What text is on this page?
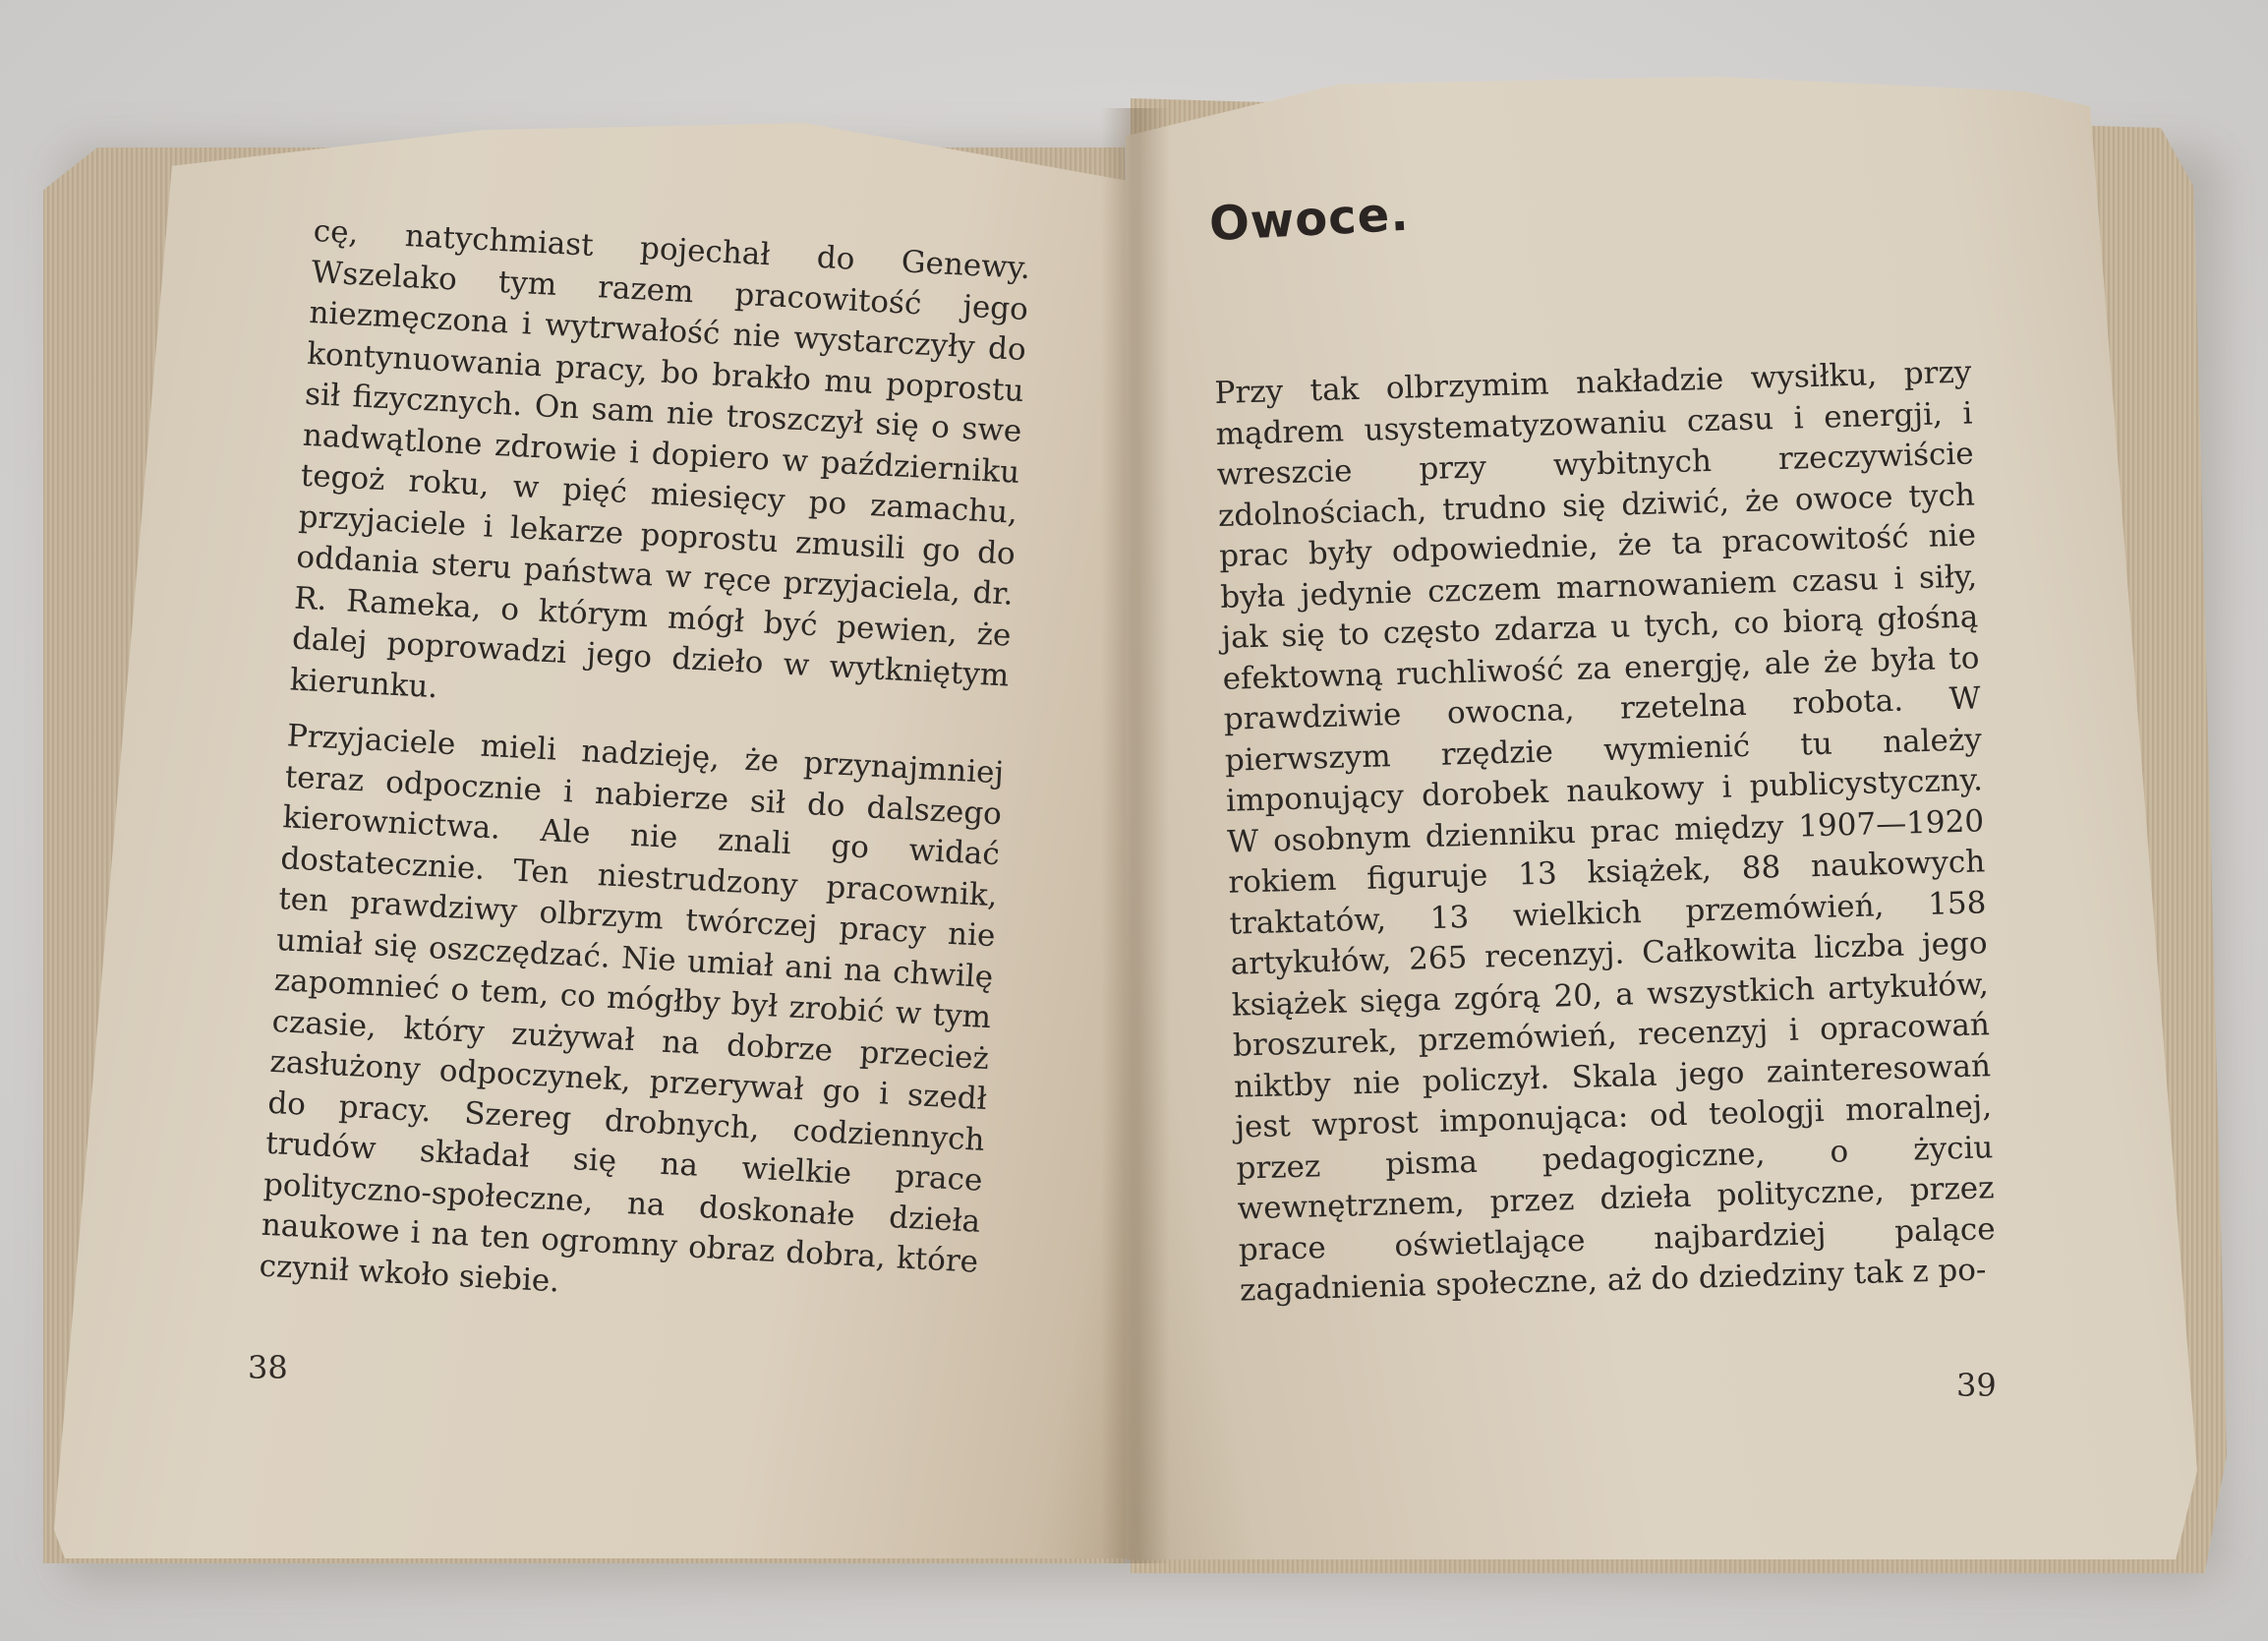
cę, natychmiast pojechał do Genewy. Wszelako tym razem pracowitość jego niezmęczona i wytrwałość nie wystarczyły do kontynuowania pracy, bo brakło mu poprostu sił fizycznych. On sam nie troszczył się o swe nadwątlone zdrowie i dopiero w październiku tegoż roku, w pięć miesięcy po zamachu, przyjaciele i lekarze poprostu zmusili go do oddania steru państwa w ręce przyjaciela, dr. R. Rameka, o którym mógł być pewien, że dalej poprowadzi jego dzieło w wytkniętym kierunku.

Przyjaciele mieli nadzieję, że przynajmniej teraz odpocznie i nabierze sił do dalszego kierownictwa. Ale nie znali go widać dostatecznie. Ten niestrudzony pracownik, ten prawdziwy olbrzym twórczej pracy nie umiał się oszczędzać. Nie umiał ani na chwilę zapomnieć o tem, co mógłby był zrobić w tym czasie, który zużywał na dobrze przecież zasłużony odpoczynek, przerywał go i szedł do pracy. Szereg drobnych, codziennych trudów składał się na wielkie prace polityczno-społeczne, na doskonałe dzieła naukowe i na ten ogromny obraz dobra, które czynił wkoło siebie.

38

Owoce.

Przy tak olbrzymim nakładzie wysiłku, przy mądrem usystematyzowaniu czasu i energji, i wreszcie przy wybitnych rzeczywiście zdolnościach, trudno się dziwić, że owoce tych prac były odpowiednie, że ta pracowitość nie była jedynie czczem marnowaniem czasu i siły, jak się to często zdarza u tych, co biorą głośną efektowną ruchliwość za energję, ale że była to prawdziwie owocna, rzetelna robota. W pierwszym rzędzie wymienić tu należy imponujący dorobek naukowy i publicystyczny. W osobnym dzienniku prac między 1907—1920 rokiem figuruje 13 książek, 88 naukowych traktatów, 13 wielkich przemówień, 158 artykułów, 265 recenzyj. Całkowita liczba jego książek sięga zgórą 20, a wszystkich artykułów, broszurek, przemówień, recenzyj i opracowań niktby nie policzył. Skala jego zainteresowań jest wprost imponująca: od teologji moralnej, przez pisma pedagogiczne, o życiu wewnętrznem, przez dzieła polityczne, przez prace oświetlające najbardziej palące zagadnienia społeczne, aż do dziedziny tak z po-

39
